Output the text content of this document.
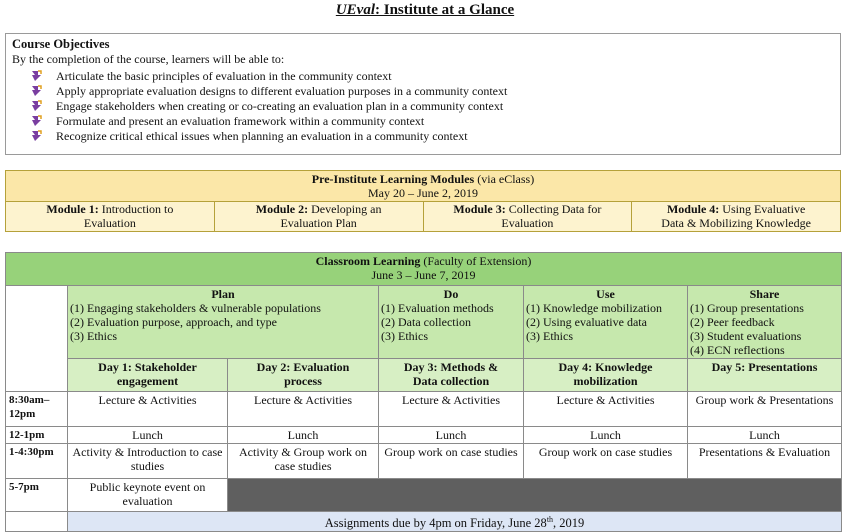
UEval: Institute at a Glance
Course Objectives
By the completion of the course, learners will be able to:
Articulate the basic principles of evaluation in the community context
Apply appropriate evaluation designs to different evaluation purposes in a community context
Engage stakeholders when creating or co-creating an evaluation plan in a community context
Formulate and present an evaluation framework within a community context
Recognize critical ethical issues when planning an evaluation in a community context
Pre-Institute Learning Modules (via eClass)
May 20 – June 2, 2019
Module 1: Introduction to
Evaluation	Module 2: Developing an
Evaluation Plan	Module 3: Collecting Data for
Evaluation	Module 4: Using Evaluative
Data & Mobilizing Knowledge
Classroom Learning (Faculty of Extension)
June 3 – June 7, 2019					

	Plan
(1) Engaging stakeholders & vulnerable populations
(2) Evaluation purpose, approach, and type
(3) Ethics		Do
(1) Evaluation methods
(2) Data collection
(3) Ethics	Use
(1) Knowledge mobilization
(2) Using evaluative data
(3) Ethics	Share
(1) Group presentations
(2) Peer feedback
(3) Student evaluations
(4) ECN reflections

	Day 1: Stakeholder
engagement	Day 2: Evaluation
process	Day 3: Methods &
Data collection	Day 4: Knowledge
mobilization	Day 5: Presentations
8:30am–12pm	Lecture & Activities	Lecture & Activities	Lecture & Activities	Lecture & Activities	Group work & Presentations
12-1pm	Lunch	Lunch	Lunch	Lunch	Lunch
1-4:30pm	Activity & Introduction to case studies	Activity & Group work on case studies	Group work on case studies	Group work on case studies	Presentations & Evaluation
5-7pm	Public keynote event on evaluation				
	Assignments due by 4pm on Friday, June 28th, 2019				
